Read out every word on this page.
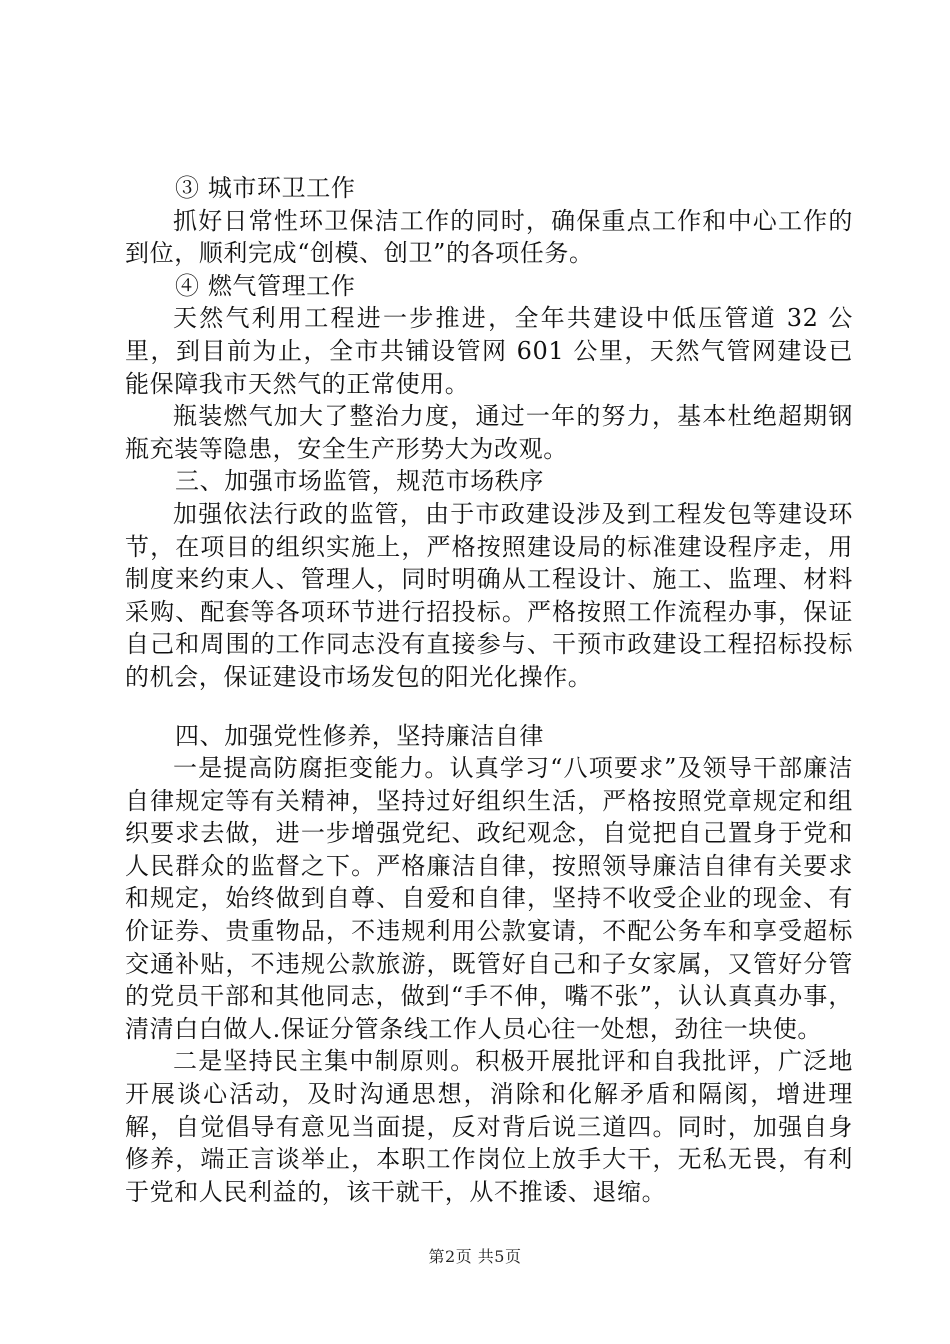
③ 城市环卫工作

抓好日常性环卫保洁工作的同时，确保重点工作和中心工作的到位，顺利完成“创模、创卫”的各项任务。

④ 燃气管理工作

天然气利用工程进一步推进，全年共建设中低压管道 32 公里，到目前为止，全市共铺设管网 601 公里，天然气管网建设已能保障我市天然气的正常使用。

瓶装燃气加大了整治力度，通过一年的努力，基本杜绝超期钢瓶充装等隐患，安全生产形势大为改观。

三、加强市场监管，规范市场秩序

加强依法行政的监管，由于市政建设涉及到工程发包等建设环节，在项目的组织实施上，严格按照建设局的标准建设程序走，用制度来约束人、管理人，同时明确从工程设计、施工、监理、材料采购、配套等各项环节进行招投标。严格按照工作流程办事，保证自己和周围的工作同志没有直接参与、干预市政建设工程招标投标的机会，保证建设市场发包的阳光化操作。

四、加强党性修养，坚持廉洁自律

一是提高防腐拒变能力。认真学习“八项要求”及领导干部廉洁自律规定等有关精神，坚持过好组织生活，严格按照党章规定和组织要求去做，进一步增强党纪、政纪观念，自觉把自己置身于党和人民群众的监督之下。严格廉洁自律，按照领导廉洁自律有关要求和规定，始终做到自尊、自爱和自律，坚持不收受企业的现金、有价证券、贵重物品，不违规利用公款宴请，不配公务车和享受超标交通补贴，不违规公款旅游，既管好自己和子女家属，又管好分管的党员干部和其他同志，做到“手不伸，嘴不张”，认认真真办事，清清白白做人.保证分管条线工作人员心往一处想，劲往一块使。

二是坚持民主集中制原则。积极开展批评和自我批评，广泛地开展谈心活动，及时沟通思想，消除和化解矛盾和隔阂，增进理解，自觉倡导有意见当面提，反对背后说三道四。同时，加强自身修养，端正言谈举止，本职工作岗位上放手大干，无私无畏，有利于党和人民利益的，该干就干，从不推诿、退缩。

第2页 共5页
